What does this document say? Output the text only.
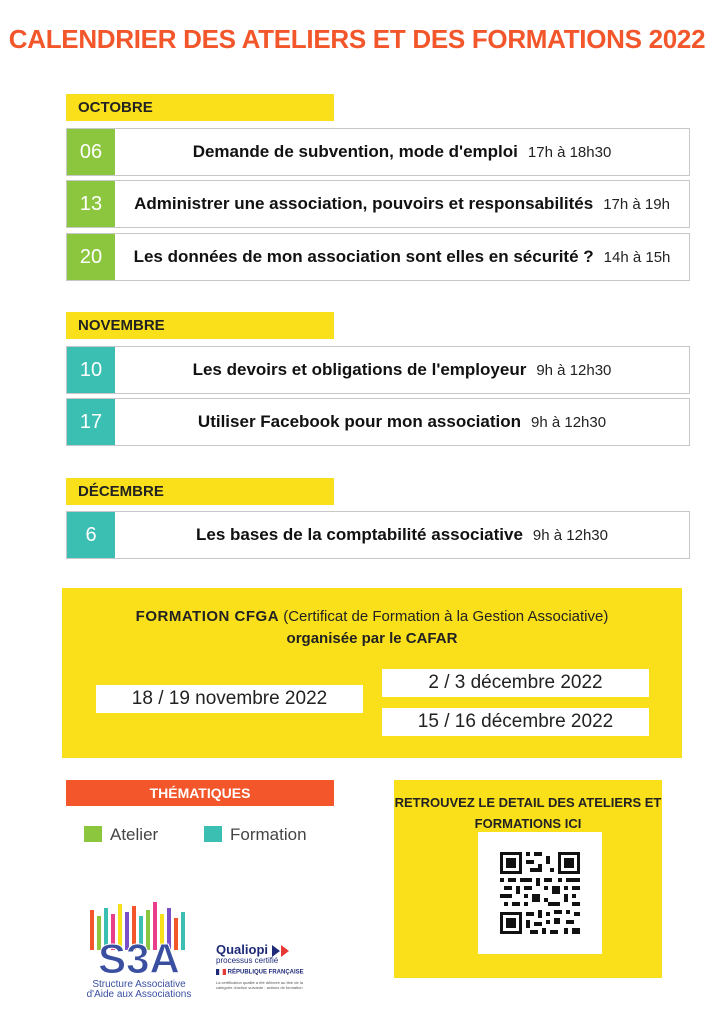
CALENDRIER DES ATELIERS ET DES FORMATIONS 2022
OCTOBRE
06	Demande de subvention, mode d'emploi 17h à 18h30
13	Administrer une association, pouvoirs et responsabilités 17h à 19h
20	Les données de mon association sont elles en sécurité ? 14h à 15h
NOVEMBRE
10	Les devoirs et obligations de l'employeur 9h à 12h30
17	Utiliser Facebook pour mon association 9h à 12h30
DÉCEMBRE
6	Les bases de la comptabilité associative 9h à 12h30
FORMATION CFGA (Certificat de Formation à la Gestion Associative)
organisée par le CAFAR
18 / 19 novembre 2022
2 / 3 décembre 2022
15 / 16 décembre 2022
THÉMATIQUES
Atelier	Formation
RETROUVEZ LE DETAIL DES ATELIERS ET
FORMATIONS ICI
S3A
Structure Associative
d'Aide aux Associations
Qualiopi
processus certifié
RÉPUBLIQUE FRANÇAISE
La certification qualité a été délivrée au titre de la catégorie d'action suivante : actions de formation
